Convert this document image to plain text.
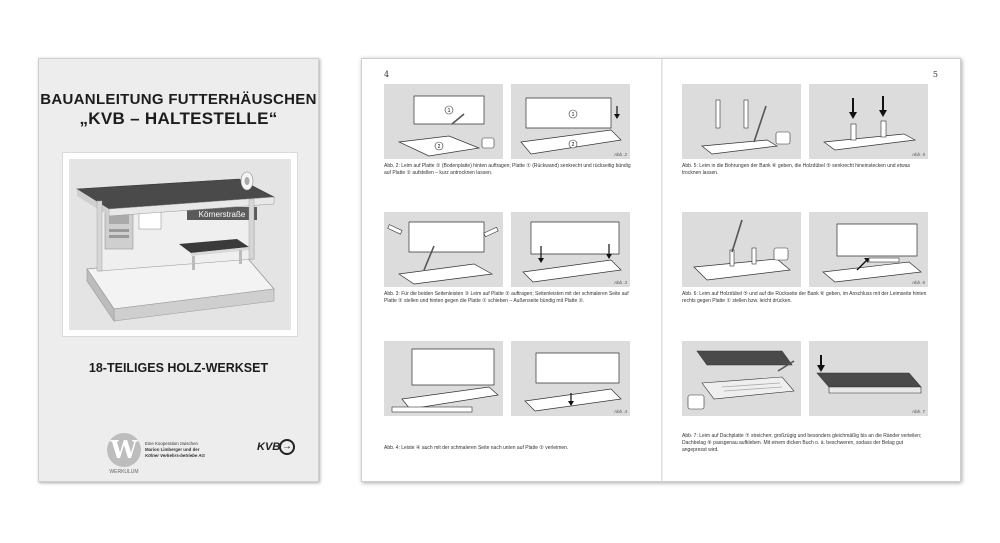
BAUANLEITUNG FUTTERHÄUSCHEN
„KVB – HALTESTELLE“
Körnerstraße
18-TEILIGES HOLZ-WERKSET
W
WERKULUM
Eine Kooperation zwischen
Marion Limberger und der
Kölner Verkehrs-betriebe AG
KVB →
4	5
1
2
1
2
Abb. 2
Abb. 2: Leim auf Platte ② (Bodenplatte) hinten auftragen; Platte ① (Rückwand) senkrecht und rückseitig bündig auf Platte ② aufstellen – kurz antrocknen lassen.
Abb. 3
Abb. 3: Für die beiden Seitenleisten ③ Leim auf Platte ② auftragen; Seitenleisten mit der schmaleren Seite auf Platte ② stellen und hinten gegen die Platte ① schieben – Außenseite bündig mit Platte ②.
Abb. 4
Abb. 4: Leiste ④ auch mit der schmaleren Seite nach unten auf Platte ② verleimen.
Abb. 5
Abb. 5: Leim in die Bohrungen der Bank ⑥ geben, die Holzdübel ⑤ senkrecht hineinstecken und etwas trocknen lassen.
Abb. 6
Abb. 6: Leim auf Holzdübel ⑤ und auf die Rückseite der Bank ⑥ geben, im Anschluss mit der Leimseite hinten rechts gegen Platte ① stellen bzw. leicht drücken.
Abb. 7
Abb. 7: Leim auf Dachplatte ⑦ streichen; großzügig und besonders gleichmäßig bis an die Ränder verteilen; Dachbelag ⑧ passgenau aufkleben. Mit einem dicken Buch o. ä. beschweren, sodass der Belag gut angepresst wird.
